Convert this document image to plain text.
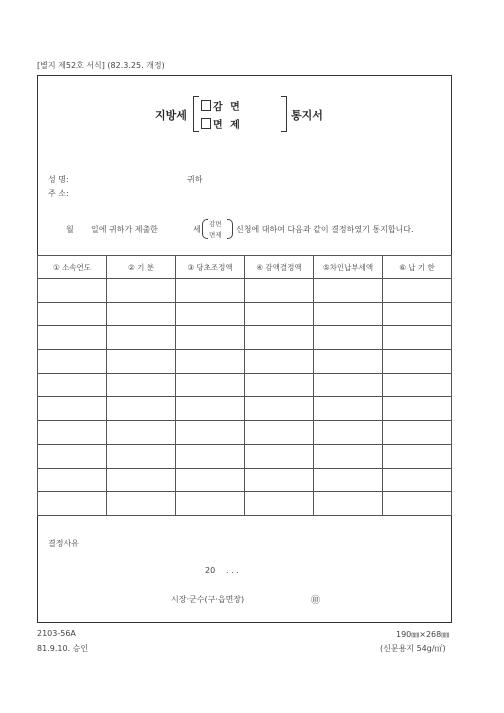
[별지 제52호 서식] (82.3.25. 개정)
지방세
감 면
면 제
통지서
성 명:	귀하
주 소:
월 일에 귀하가 제출한	세
감면
면제
신청에 대하여 다음과 같이 결정하였기 통지합니다.
① 소속연도	② 기 분	③ 당초조정액	④ 감액결정액	⑤차인납부세액	⑥ 납 기 한

결정사유
20 . . .
시장·군수(구·읍면장)	㊞
2103-56A
81.9.10. 승인
190㎜×268㎜
(신문용지 54g/㎡)
